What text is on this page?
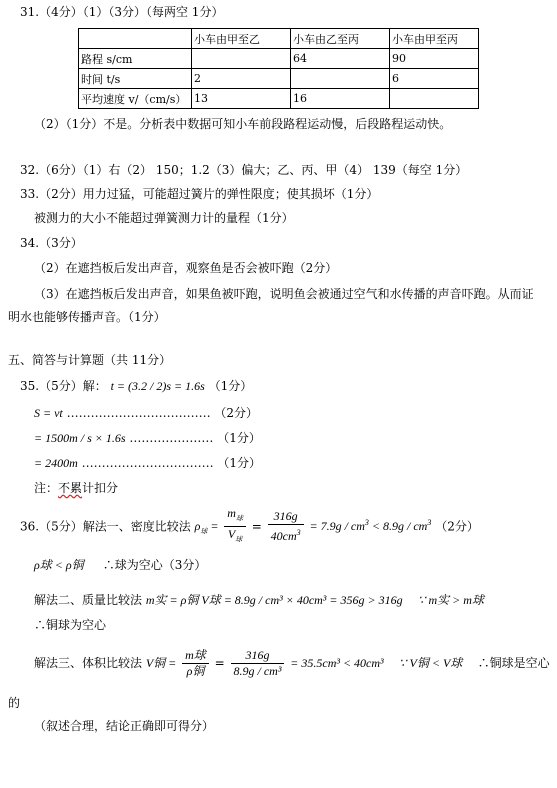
31.（4分）（1）（3分）（每两空 1分）
	小车由甲至乙	小车由乙至丙	小车由甲至丙
路程 s/cm		64	90
时间 t/s	2		6
平均速度 v/（cm/s）	13	16	
（2）（1分）不是。分析表中数据可知小车前段路程运动慢，后段路程运动快。
32.（6分）（1）右（2） 150；1.2（3）偏大；乙、丙、甲（4） 139（每空 1分）
33.（2分）用力过猛，可能超过簧片的弹性限度；使其损坏（1分）
被测力的大小不能超过弹簧测力计的量程（1分）
34.（3分）
（2）在遮挡板后发出声音，观察鱼是否会被吓跑（2分）
（3）在遮挡板后发出声音，如果鱼被吓跑，说明鱼会被通过空气和水传播的声音吓跑。从而证
明水也能够传播声音。（1分）
五、简答与计算题（共 11分）
35.（5分）解： t = (3.2 / 2)s = 1.6s （1分）
S = vt ……………………………… （2分）
= 1500m / s × 1.6s ………………… （1分）
= 2400m …………………………… （1分）
注：不累计扣分
36.（5分）解法一、密度比较法 $\rho_球 = \frac{m_球}{V_球} = \frac{316g}{40cm^3} = 7.9g / cm^3 < 8.9g / cm^3$ （2分）
ρ球 < ρ铜 ∴球为空心（3分）
解法二、质量比较法 m实 = ρ铜 V球 = 8.9g / cm³ × 40cm³ = 356g > 316g ∵ m实 > m球
∴铜球为空心
解法三、体积比较法 V铜 = $\frac{\text{m球}}{\text{ρ铜}} = \frac{316g}{\text{8.9g / cm³}} = 35.5cm^3 < 40cm^3$ ∵ V铜 < V球 ∴铜球是空心
的
（叙述合理，结论正确即可得分）
